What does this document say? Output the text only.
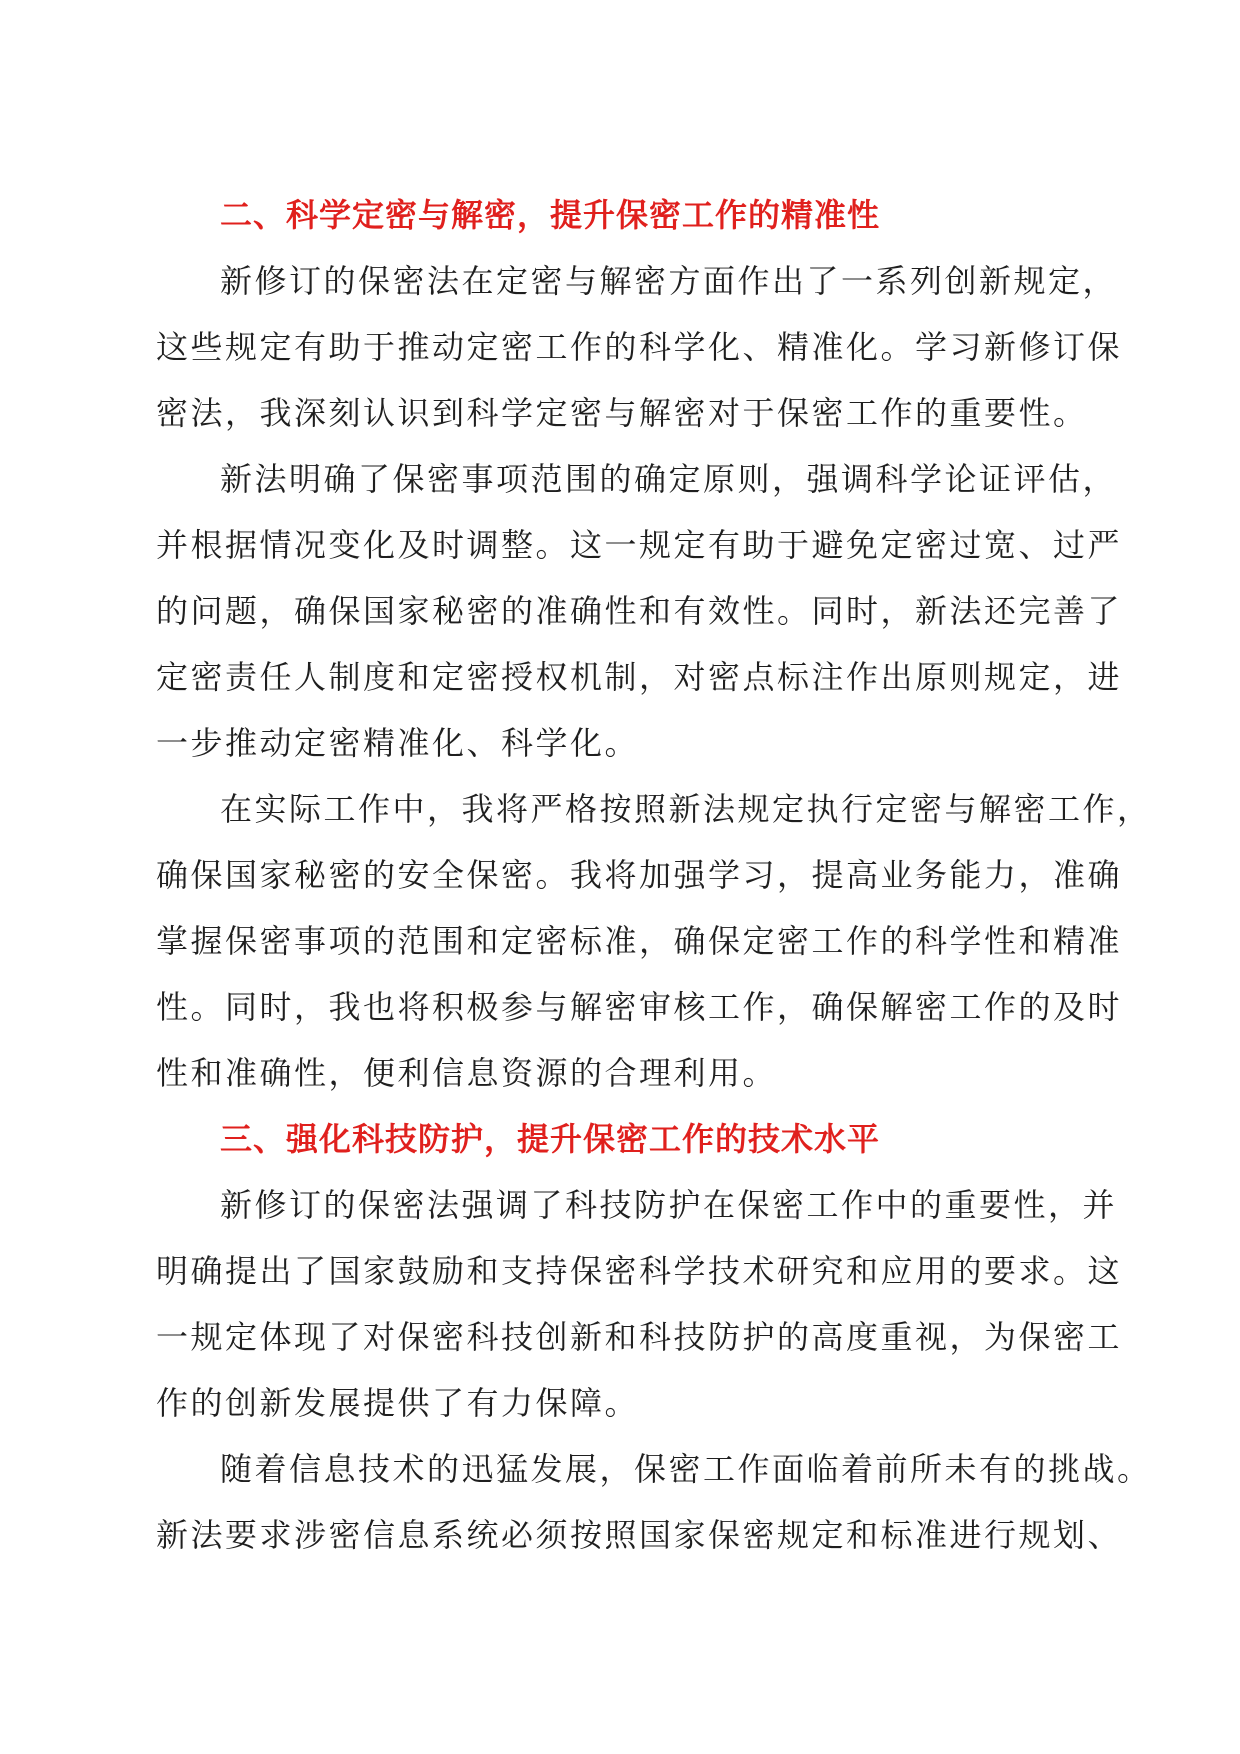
二、科学定密与解密，提升保密工作的精准性
新修订的保密法在定密与解密方面作出了一系列创新规定，
这些规定有助于推动定密工作的科学化、精准化。学习新修订保
密法，我深刻认识到科学定密与解密对于保密工作的重要性。
新法明确了保密事项范围的确定原则，强调科学论证评估，
并根据情况变化及时调整。这一规定有助于避免定密过宽、过严
的问题，确保国家秘密的准确性和有效性。同时，新法还完善了
定密责任人制度和定密授权机制，对密点标注作出原则规定，进
一步推动定密精准化、科学化。
在实际工作中，我将严格按照新法规定执行定密与解密工作，
确保国家秘密的安全保密。我将加强学习，提高业务能力，准确
掌握保密事项的范围和定密标准，确保定密工作的科学性和精准
性。同时，我也将积极参与解密审核工作，确保解密工作的及时
性和准确性，便利信息资源的合理利用。
三、强化科技防护，提升保密工作的技术水平
新修订的保密法强调了科技防护在保密工作中的重要性，并
明确提出了国家鼓励和支持保密科学技术研究和应用的要求。这
一规定体现了对保密科技创新和科技防护的高度重视，为保密工
作的创新发展提供了有力保障。
随着信息技术的迅猛发展，保密工作面临着前所未有的挑战。
新法要求涉密信息系统必须按照国家保密规定和标准进行规划、
